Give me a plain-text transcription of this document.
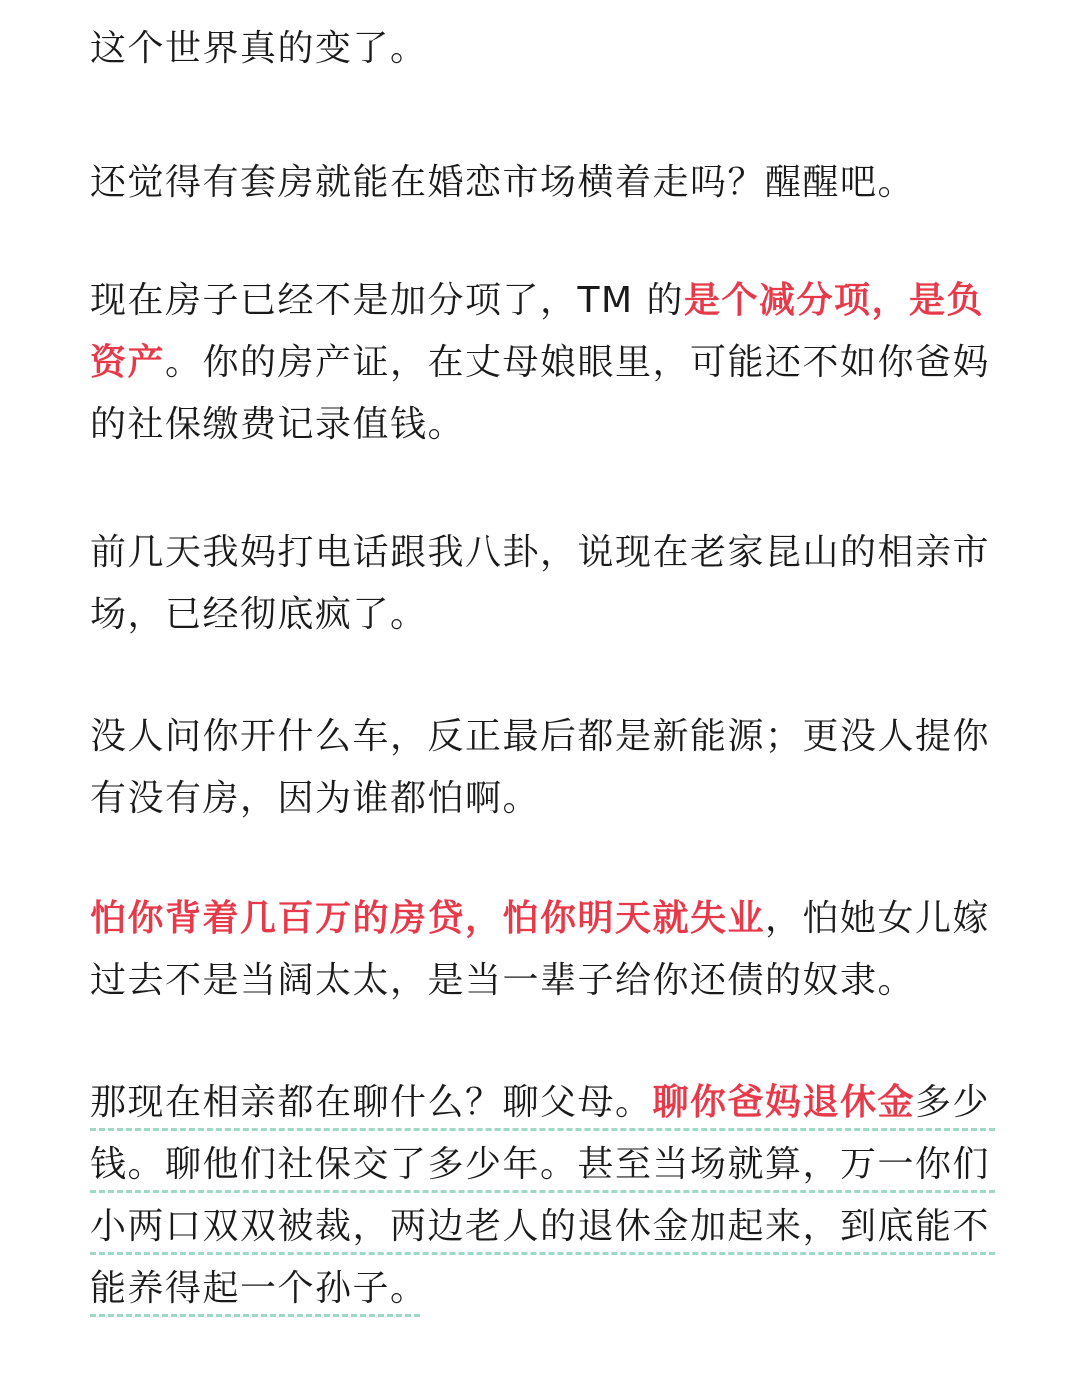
这个世界真的变了。

还觉得有套房就能在婚恋市场横着走吗？醒醒吧。

现在房子已经不是加分项了，TM 的是个减分项，是负资产。你的房产证，在丈母娘眼里，可能还不如你爸妈的社保缴费记录值钱。

前几天我妈打电话跟我八卦，说现在老家昆山的相亲市场，已经彻底疯了。

没人问你开什么车，反正最后都是新能源；更没人提你有没有房，因为谁都怕啊。

怕你背着几百万的房贷，怕你明天就失业，怕她女儿嫁过去不是当阔太太，是当一辈子给你还债的奴隶。

那现在相亲都在聊什么？聊父母。聊你爸妈退休金多少钱。聊他们社保交了多少年。甚至当场就算，万一你们小两口双双被裁，两边老人的退休金加起来，到底能不能养得起一个孙子。
